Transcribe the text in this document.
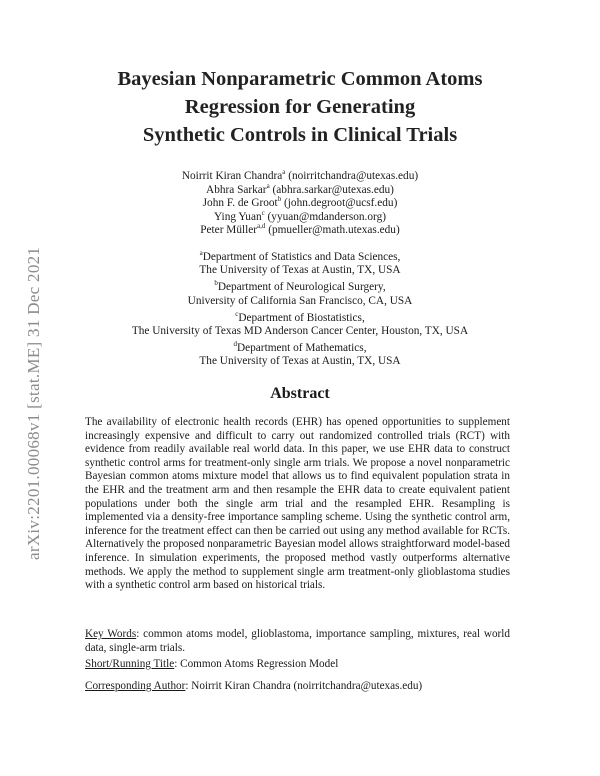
arXiv:2201.00068v1 [stat.ME] 31 Dec 2021
Bayesian Nonparametric Common Atoms
Regression for Generating
Synthetic Controls in Clinical Trials
Noirrit Kiran Chandra$^a$ (noirritchandra@utexas.edu)
Abhra Sarkar$^a$ (abhra.sarkar@utexas.edu)
John F. de Groot$^b$ (john.degroot@ucsf.edu)
Ying Yuan$^c$ (yyuan@mdanderson.org)
Peter Müller$^{a,d}$ (pmueller@math.utexas.edu)
$^a$Department of Statistics and Data Sciences,
The University of Texas at Austin, TX, USA
$^b$Department of Neurological Surgery,
University of California San Francisco, CA, USA
$^c$Department of Biostatistics,
The University of Texas MD Anderson Cancer Center, Houston, TX, USA
$^d$Department of Mathematics,
The University of Texas at Austin, TX, USA
Abstract
The availability of electronic health records (EHR) has opened opportunities to supplement increasingly expensive and difficult to carry out randomized controlled trials (RCT) with evidence from readily available real world data. In this paper, we use EHR data to construct synthetic control arms for treatment-only single arm trials. We propose a novel nonparametric Bayesian common atoms mixture model that allows us to find equivalent population strata in the EHR and the treatment arm and then resample the EHR data to create equivalent patient populations under both the single arm trial and the resampled EHR. Resampling is implemented via a density-free importance sampling scheme. Using the synthetic control arm, inference for the treatment effect can then be carried out using any method available for RCTs. Alternatively the proposed nonparametric Bayesian model allows straightforward model-based inference. In simulation experiments, the proposed method vastly outperforms alternative methods. We apply the method to supplement single arm treatment-only glioblastoma studies with a synthetic control arm based on historical trials.
Key Words: common atoms model, glioblastoma, importance sampling, mixtures, real world data, single-arm trials.
Short/Running Title: Common Atoms Regression Model
Corresponding Author: Noirrit Kiran Chandra (noirritchandra@utexas.edu)
